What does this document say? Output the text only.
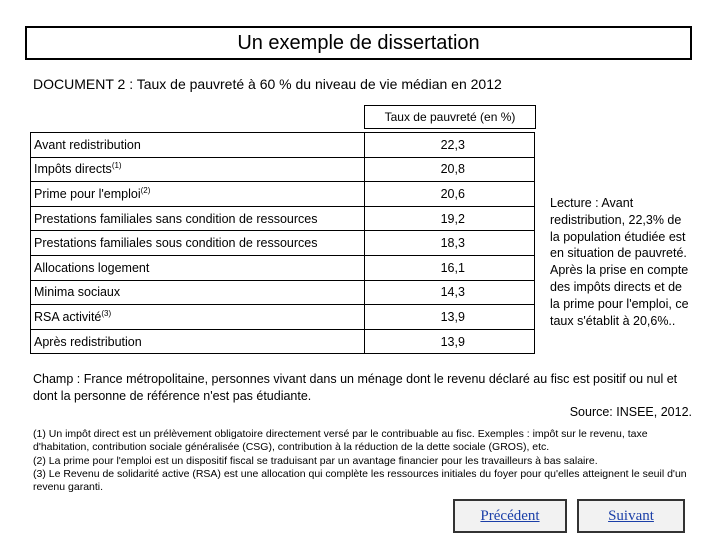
Un exemple de dissertation
DOCUMENT 2 : Taux de pauvreté à 60 % du niveau de vie médian en 2012
Taux de pauvreté (en %)
Avant redistribution	22,3
Impôts directs$^{(1)}$	20,8
Prime pour l'emploi$^{(2)}$	20,6
Prestations familiales sans condition de ressources	19,2
Prestations familiales sous condition de ressources	18,3
Allocations logement	16,1
Minima sociaux	14,3
RSA activité$^{(3)}$	13,9
Après redistribution	13,9
Lecture : Avant redistribution, 22,3% de la population étudiée est en situation de pauvreté. Après la prise en compte des impôts directs et de la prime pour l'emploi, ce taux s'établit à 20,6%..
Champ : France métropolitaine, personnes vivant dans un ménage dont le revenu déclaré au fisc est positif ou nul et dont la personne de référence n'est pas étudiante.
Source: INSEE, 2012.

(1) Un impôt direct est un prélèvement obligatoire directement versé par le contribuable au fisc. Exemples : impôt sur le revenu, taxe d'habitation, contribution sociale généralisée (CSG), contribution à la réduction de la dette sociale (GROS), etc.

(2) La prime pour l'emploi est un dispositif fiscal se traduisant par un avantage financier pour les travailleurs à bas salaire.

(3) Le Revenu de solidarité active (RSA) est une allocation qui complète les ressources initiales du foyer pour qu'elles atteignent le seuil d'un revenu garanti.

Précédent	Suivant
